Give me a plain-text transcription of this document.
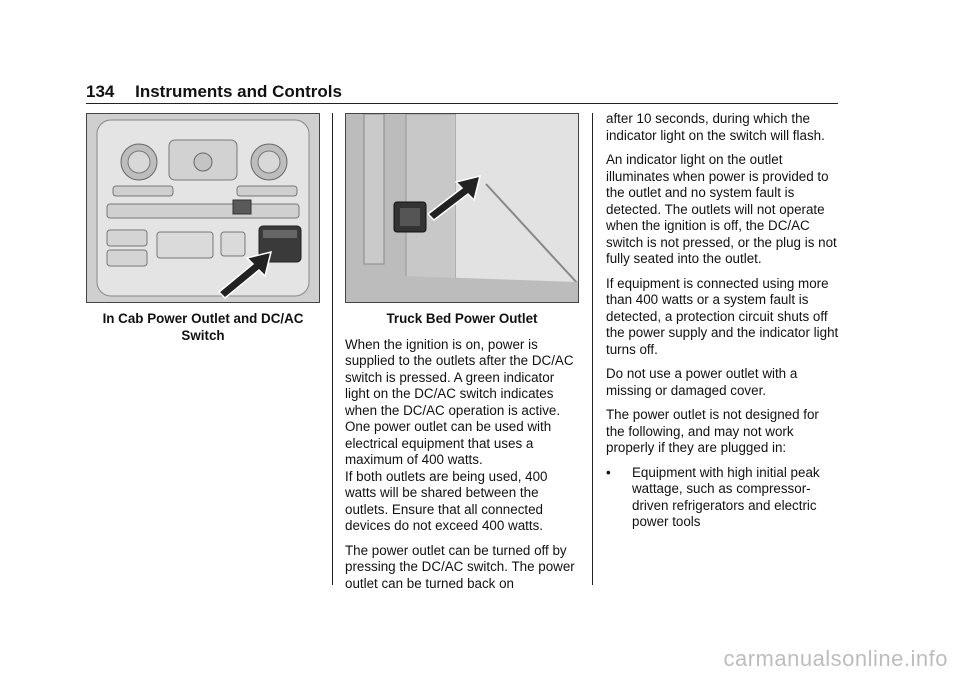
134 Instruments and Controls
In Cab Power Outlet and DC/AC Switch
Truck Bed Power Outlet

When the ignition is on, power is supplied to the outlets after the DC/AC switch is pressed. A green indicator light on the DC/AC switch indicates when the DC/AC operation is active. One power outlet can be used with electrical equipment that uses a maximum of 400 watts.

If both outlets are being used, 400 watts will be shared between the outlets. Ensure that all connected devices do not exceed 400 watts.

The power outlet can be turned off by pressing the DC/AC switch. The power outlet can be turned back on

after 10 seconds, during which the indicator light on the switch will flash.

An indicator light on the outlet illuminates when power is provided to the outlet and no system fault is detected. The outlets will not operate when the ignition is off, the DC/AC switch is not pressed, or the plug is not fully seated into the outlet.

If equipment is connected using more than 400 watts or a system fault is detected, a protection circuit shuts off the power supply and the indicator light turns off.

Do not use a power outlet with a missing or damaged cover.

The power outlet is not designed for the following, and may not work properly if they are plugged in:

•	Equipment with high initial peak wattage, such as compressor-driven refrigerators and electric power tools
carmanualsonline.info
